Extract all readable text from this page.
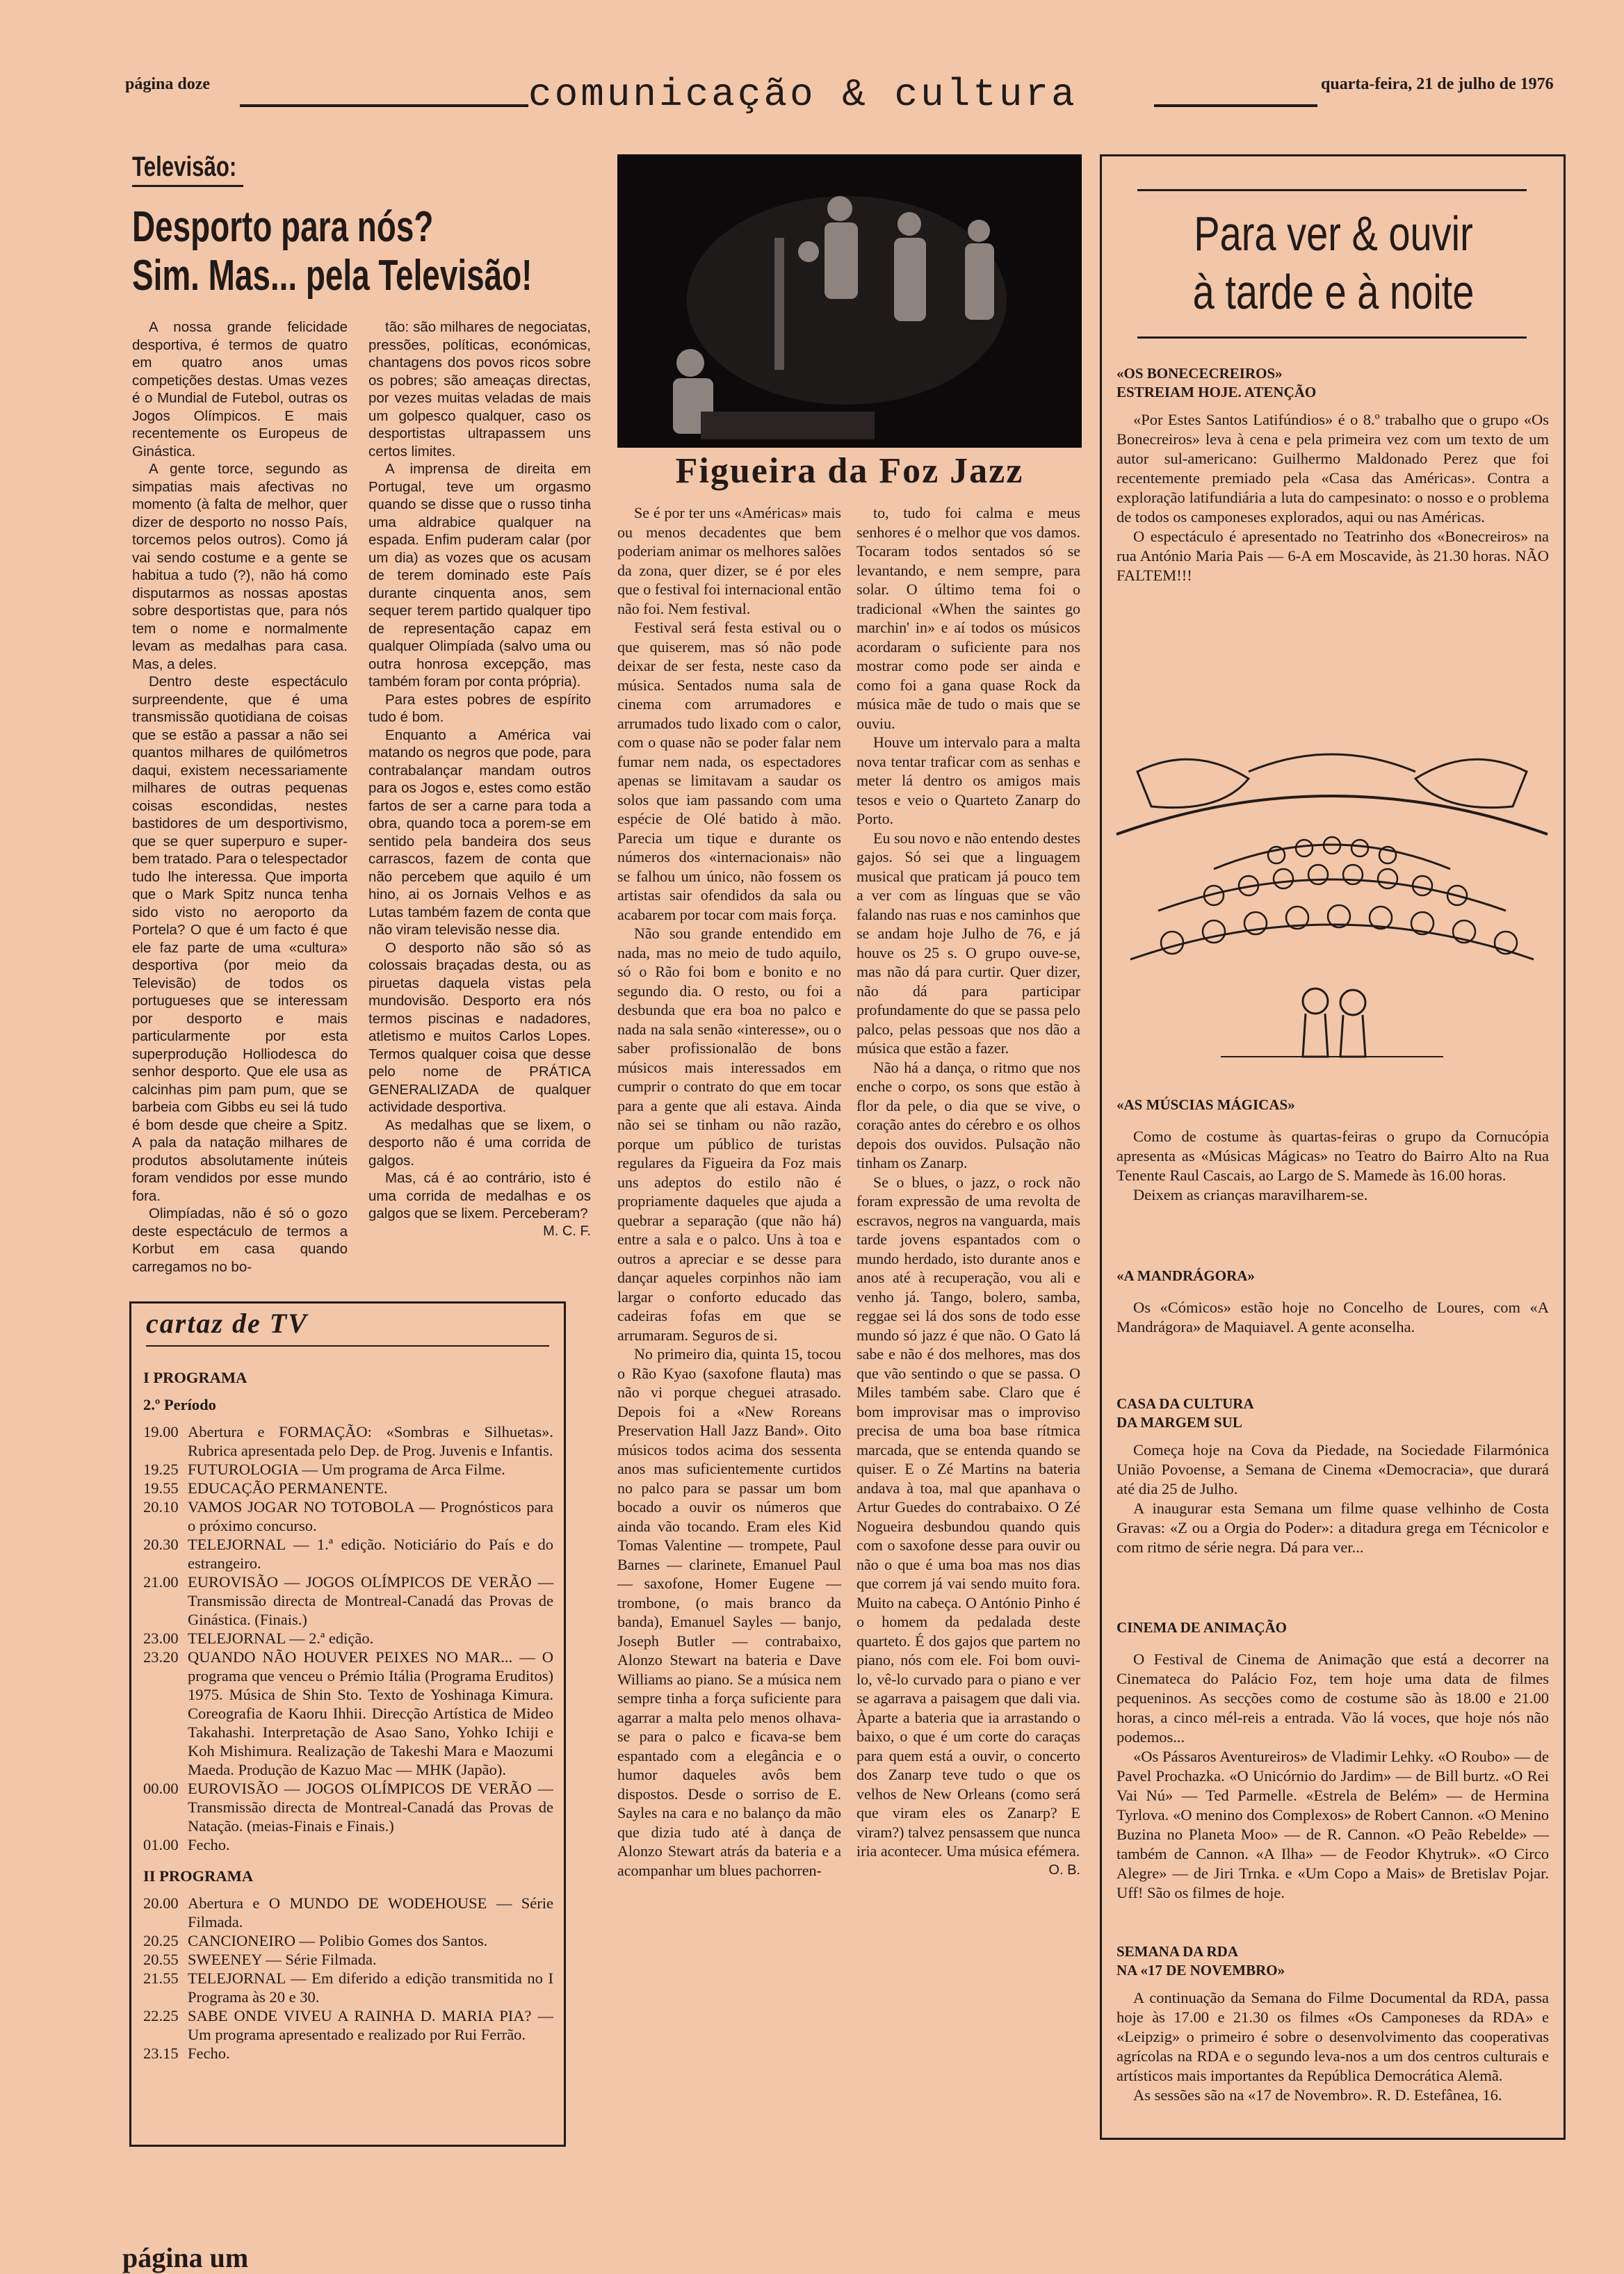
página doze	comunicação & cultura	quarta-feira, 21 de julho de 1976
Televisão:
Desporto para nós?
Sim. Mas... pela Televisão!

A nossa grande felicidade desportiva, é termos de quatro em quatro anos umas competições destas. Umas vezes é o Mundial de Futebol, outras os Jogos Olímpicos. E mais recentemente os Europeus de Ginástica.

A gente torce, segundo as simpatias mais afectivas no momento (à falta de melhor, quer dizer de desporto no nosso País, torcemos pelos outros). Como já vai sendo costume e a gente se habitua a tudo (?), não há como disputarmos as nossas apostas sobre desportistas que, para nós tem o nome e normalmente levam as medalhas para casa. Mas, a deles.

Dentro deste espectáculo surpreendente, que é uma transmissão quotidiana de coisas que se estão a passar a não sei quantos milhares de quilómetros daqui, existem necessariamente milhares de outras pequenas coisas escondidas, nestes bastidores de um desportivismo, que se quer superpuro e super-bem tratado. Para o telespectador tudo lhe interessa. Que importa que o Mark Spitz nunca tenha sido visto no aeroporto da Portela? O que é um facto é que ele faz parte de uma «cultura» desportiva (por meio da Televisão) de todos os portugueses que se interessam por desporto e mais particularmente por esta superprodução Holliodesca do senhor desporto. Que ele usa as calcinhas pim pam pum, que se barbeia com Gibbs eu sei lá tudo é bom desde que cheire a Spitz. A pala da natação milhares de produtos absolutamente inúteis foram vendidos por esse mundo fora.

Olimpíadas, não é só o gozo deste espectáculo de termos a Korbut em casa quando carregamos no bo-

tão: são milhares de negociatas, pressões, políticas, económicas, chantagens dos povos ricos sobre os pobres; são ameaças directas, por vezes muitas veladas de mais um golpesco qualquer, caso os desportistas ultrapassem uns certos limites.

A imprensa de direita em Portugal, teve um orgasmo quando se disse que o russo tinha uma aldrabice qualquer na espada. Enfim puderam calar (por um dia) as vozes que os acusam de terem dominado este País durante cinquenta anos, sem sequer terem partido qualquer tipo de representação capaz em qualquer Olimpíada (salvo uma ou outra honrosa excepção, mas também foram por conta própria).

Para estes pobres de espírito tudo é bom.

Enquanto a América vai matando os negros que pode, para contrabalançar mandam outros para os Jogos e, estes como estão fartos de ser a carne para toda a obra, quando toca a porem-se em sentido pela bandeira dos seus carrascos, fazem de conta que não percebem que aquilo é um hino, ai os Jornais Velhos e as Lutas também fazem de conta que não viram televisão nesse dia.

O desporto não são só as colossais braçadas desta, ou as piruetas daquela vistas pela mundovisão. Desporto era nós termos piscinas e nadadores, atletismo e muitos Carlos Lopes. Termos qualquer coisa que desse pelo nome de PRÁTICA GENERALIZADA de qualquer actividade desportiva.

As medalhas que se lixem, o desporto não é uma corrida de galgos.

Mas, cá é ao contrário, isto é uma corrida de medalhas e os galgos que se lixem. Perceberam?

M. C. F.
Figueira da Foz Jazz

Se é por ter uns «Américas» mais ou menos decadentes que bem poderiam animar os melhores salões da zona, quer dizer, se é por eles que o festival foi internacional então não foi. Nem festival.

Festival será festa estival ou o que quiserem, mas só não pode deixar de ser festa, neste caso da música. Sentados numa sala de cinema com arrumadores e arrumados tudo lixado com o calor, com o quase não se poder falar nem fumar nem nada, os espectadores apenas se limitavam a saudar os solos que iam passando com uma espécie de Olé batido à mão. Parecia um tique e durante os números dos «internacionais» não se falhou um único, não fossem os artistas sair ofendidos da sala ou acabarem por tocar com mais força.

Não sou grande entendido em nada, mas no meio de tudo aquilo, só o Rão foi bom e bonito e no segundo dia. O resto, ou foi a desbunda que era boa no palco e nada na sala senão «interesse», ou o saber profissionalão de bons músicos mais interessados em cumprir o contrato do que em tocar para a gente que ali estava. Ainda não sei se tinham ou não razão, porque um público de turistas regulares da Figueira da Foz mais uns adeptos do estilo não é propriamente daqueles que ajuda a quebrar a separação (que não há) entre a sala e o palco. Uns à toa e outros a apreciar e se desse para dançar aqueles corpinhos não iam largar o conforto educado das cadeiras fofas em que se arrumaram. Seguros de si.

No primeiro dia, quinta 15, tocou o Rão Kyao (saxofone flauta) mas não vi porque cheguei atrasado. Depois foi a «New Roreans Preservation Hall Jazz Band». Oito músicos todos acima dos sessenta anos mas suficientemente curtidos no palco para se passar um bom bocado a ouvir os números que ainda vão tocando. Eram eles Kid Tomas Valentine — trompete, Paul Barnes — clarinete, Emanuel Paul — saxofone, Homer Eugene — trombone, (o mais branco da banda), Emanuel Sayles — banjo, Joseph Butler — contrabaixo, Alonzo Stewart na bateria e Dave Williams ao piano. Se a música nem sempre tinha a força suficiente para agarrar a malta pelo menos olhava-se para o palco e ficava-se bem espantado com a elegância e o humor daqueles avôs bem dispostos. Desde o sorriso de E. Sayles na cara e no balanço da mão que dizia tudo até à dança de Alonzo Stewart atrás da bateria e a acompanhar um blues pachorren-

to, tudo foi calma e meus senhores é o melhor que vos damos. Tocaram todos sentados só se levantando, e nem sempre, para solar. O último tema foi o tradicional «When the saintes go marchin' in» e aí todos os músicos acordaram o suficiente para nos mostrar como pode ser ainda e como foi a gana quase Rock da música mãe de tudo o mais que se ouviu.

Houve um intervalo para a malta nova tentar traficar com as senhas e meter lá dentro os amigos mais tesos e veio o Quarteto Zanarp do Porto.

Eu sou novo e não entendo destes gajos. Só sei que a linguagem musical que praticam já pouco tem a ver com as línguas que se vão falando nas ruas e nos caminhos que se andam hoje Julho de 76, e já houve os 25 s. O grupo ouve-se, mas não dá para curtir. Quer dizer, não dá para participar profundamente do que se passa pelo palco, pelas pessoas que nos dão a música que estão a fazer.

Não há a dança, o ritmo que nos enche o corpo, os sons que estão à flor da pele, o dia que se vive, o coração antes do cérebro e os olhos depois dos ouvidos. Pulsação não tinham os Zanarp.

Se o blues, o jazz, o rock não foram expressão de uma revolta de escravos, negros na vanguarda, mais tarde jovens espantados com o mundo herdado, isto durante anos e anos até à recuperação, vou ali e venho já. Tango, bolero, samba, reggae sei lá dos sons de todo esse mundo só jazz é que não. O Gato lá sabe e não é dos melhores, mas dos que vão sentindo o que se passa. O Miles também sabe. Claro que é bom improvisar mas o improviso precisa de uma boa base rítmica marcada, que se entenda quando se quiser. E o Zé Martins na bateria andava à toa, mal que apanhava o Artur Guedes do contrabaixo. O Zé Nogueira desbundou quando quis com o saxofone desse para ouvir ou não o que é uma boa mas nos dias que correm já vai sendo muito fora. Muito na cabeça. O António Pinho é o homem da pedalada deste quarteto. É dos gajos que partem no piano, nós com ele. Foi bom ouvi-lo, vê-lo curvado para o piano e ver se agarrava a paisagem que dali via. Àparte a bateria que ia arrastando o baixo, o que é um corte do caraças para quem está a ouvir, o concerto dos Zanarp teve tudo o que os velhos de New Orleans (como será que viram eles os Zanarp? E viram?) talvez pensassem que nunca iria acontecer. Uma música efémera.

O. B.
Para ver & ouvir
à tarde e à noite

«OS BONECECREIROS»

ESTREIAM HOJE. ATENÇÃO

«Por Estes Santos Latifúndios» é o 8.º trabalho que o grupo «Os Bonecreiros» leva à cena e pela primeira vez com um texto de um autor sul-americano: Guilhermo Maldonado Perez que foi recentemente premiado pela «Casa das Américas». Contra a exploração latifundiária a luta do campesinato: o nosso e o problema de todos os camponeses explorados, aqui ou nas Américas.

O espectáculo é apresentado no Teatrinho dos «Bonecreiros» na rua António Maria Pais — 6-A em Moscavide, às 21.30 horas. NÃO FALTEM!!!

«AS MÚSCIAS MÁGICAS»

Como de costume às quartas-feiras o grupo da Cornucópia apresenta as «Músicas Mágicas» no Teatro do Bairro Alto na Rua Tenente Raul Cascais, ao Largo de S. Mamede às 16.00 horas.

Deixem as crianças maravilharem-se.

«A MANDRÁGORA»

Os «Cómicos» estão hoje no Concelho de Loures, com «A Mandrágora» de Maquiavel. A gente aconselha.

CASA DA CULTURA

DA MARGEM SUL

Começa hoje na Cova da Piedade, na Sociedade Filarmónica União Povoense, a Semana de Cinema «Democracia», que durará até dia 25 de Julho.

A inaugurar esta Semana um filme quase velhinho de Costa Gravas: «Z ou a Orgia do Poder»: a ditadura grega em Técnicolor e com ritmo de série negra. Dá para ver...

CINEMA DE ANIMAÇÃO

O Festival de Cinema de Animação que está a decorrer na Cinemateca do Palácio Foz, tem hoje uma data de filmes pequeninos. As secções como de costume são às 18.00 e 21.00 horas, a cinco mél-reis a entrada. Vão lá voces, que hoje nós não podemos...

«Os Pássaros Aventureiros» de Vladimir Lehky. «O Roubo» — de Pavel Prochazka. «O Unicórnio do Jardim» — de Bill burtz. «O Rei Vai Nú» — Ted Parmelle. «Estrela de Belém» — de Hermina Tyrlova. «O menino dos Complexos» de Robert Cannon. «O Menino Buzina no Planeta Moo» — de R. Cannon. «O Peão Rebelde» — também de Cannon. «A Ilha» — de Feodor Khytruk». «O Circo Alegre» — de Jiri Trnka. e «Um Copo a Mais» de Bretislav Pojar. Uff! São os filmes de hoje.

SEMANA DA RDA

NA «17 DE NOVEMBRO»

A continuação da Semana do Filme Documental da RDA, passa hoje às 17.00 e 21.30 os filmes «Os Camponeses da RDA» e «Leipzig» o primeiro é sobre o desenvolvimento das cooperativas agrícolas na RDA e o segundo leva-nos a um dos centros culturais e artísticos mais importantes da República Democrática Alemã.

As sessões são na «17 de Novembro». R. D. Estefânea, 16.

cartaz de TV
I PROGRAMA
2.º Período
19.00 Abertura e FORMAÇÃO: «Sombras e Silhuetas». Rubrica apresentada pelo Dep. de Prog. Juvenis e Infantis.
19.25 FUTUROLOGIA — Um programa de Arca Filme.
19.55 EDUCAÇÃO PERMANENTE.
20.10 VAMOS JOGAR NO TOTOBOLA — Prognósticos para o próximo concurso.
20.30 TELEJORNAL — 1.ª edição. Noticiário do País e do estrangeiro.
21.00 EUROVISÃO — JOGOS OLÍMPICOS DE VERÃO — Transmissão directa de Montreal-Canadá das Provas de Ginástica. (Finais.)
23.00 TELEJORNAL — 2.ª edição.
23.20 QUANDO NÃO HOUVER PEIXES NO MAR... — O programa que venceu o Prémio Itália (Programa Eruditos) 1975. Música de Shin Sto. Texto de Yoshinaga Kimura. Coreografia de Kaoru Ihhii. Direcção Artística de Mideo Takahashi. Interpretação de Asao Sano, Yohko Ichiji e Koh Mishimura. Realização de Takeshi Mara e Maozumi Maeda. Produção de Kazuo Mac — MHK (Japão).
00.00 EUROVISÃO — JOGOS OLÍMPICOS DE VERÃO — Transmissão directa de Montreal-Canadá das Provas de Natação. (meias-Finais e Finais.)
01.00 Fecho.
II PROGRAMA
20.00 Abertura e O MUNDO DE WODEHOUSE — Série Filmada.
20.25 CANCIONEIRO — Polibio Gomes dos Santos.
20.55 SWEENEY — Série Filmada.
21.55 TELEJORNAL — Em diferido a edição transmitida no I Programa às 20 e 30.
22.25 SABE ONDE VIVEU A RAINHA D. MARIA PIA? — Um programa apresentado e realizado por Rui Ferrão.
23.15 Fecho.
página um
